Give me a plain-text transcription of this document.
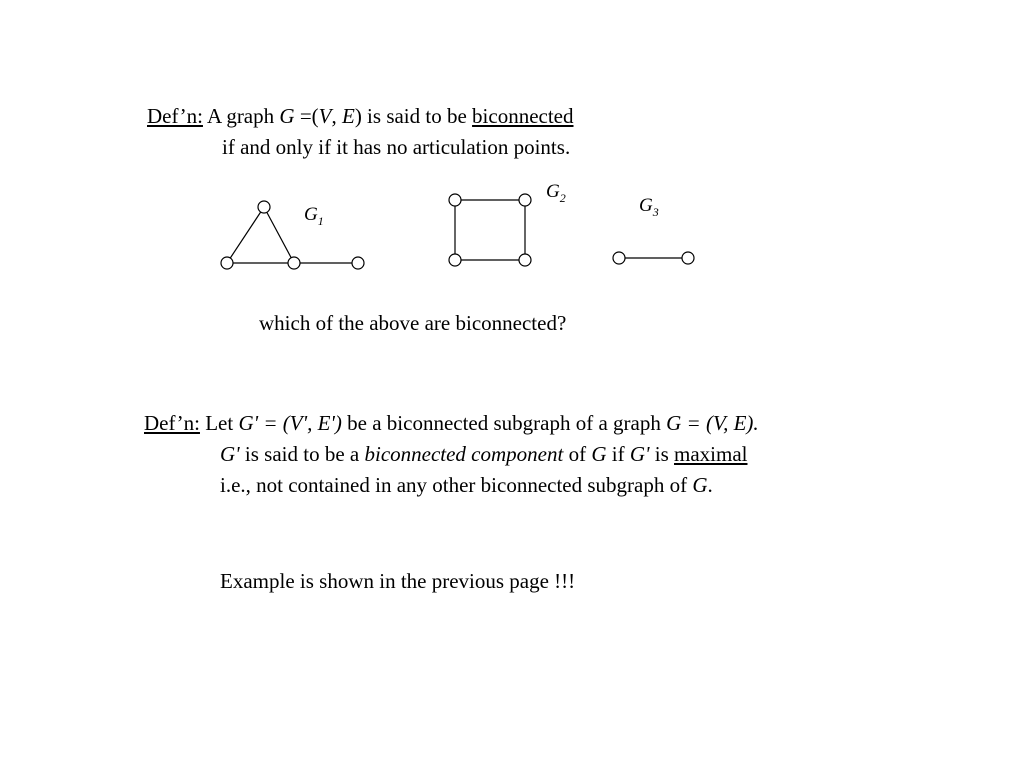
Def’n: A graph G =(V, E) is said to be biconnected
if and only if it has no articulation points.
$G_1$
$G_2$	$G_3$
which of the above are biconnected?
Def’n: Let G' = (V', E') be a biconnected subgraph of a graph G = (V, E).
G' is said to be a biconnected component of G if G' is maximal
i.e., not contained in any other biconnected subgraph of G.
Example is shown in the previous page !!!
